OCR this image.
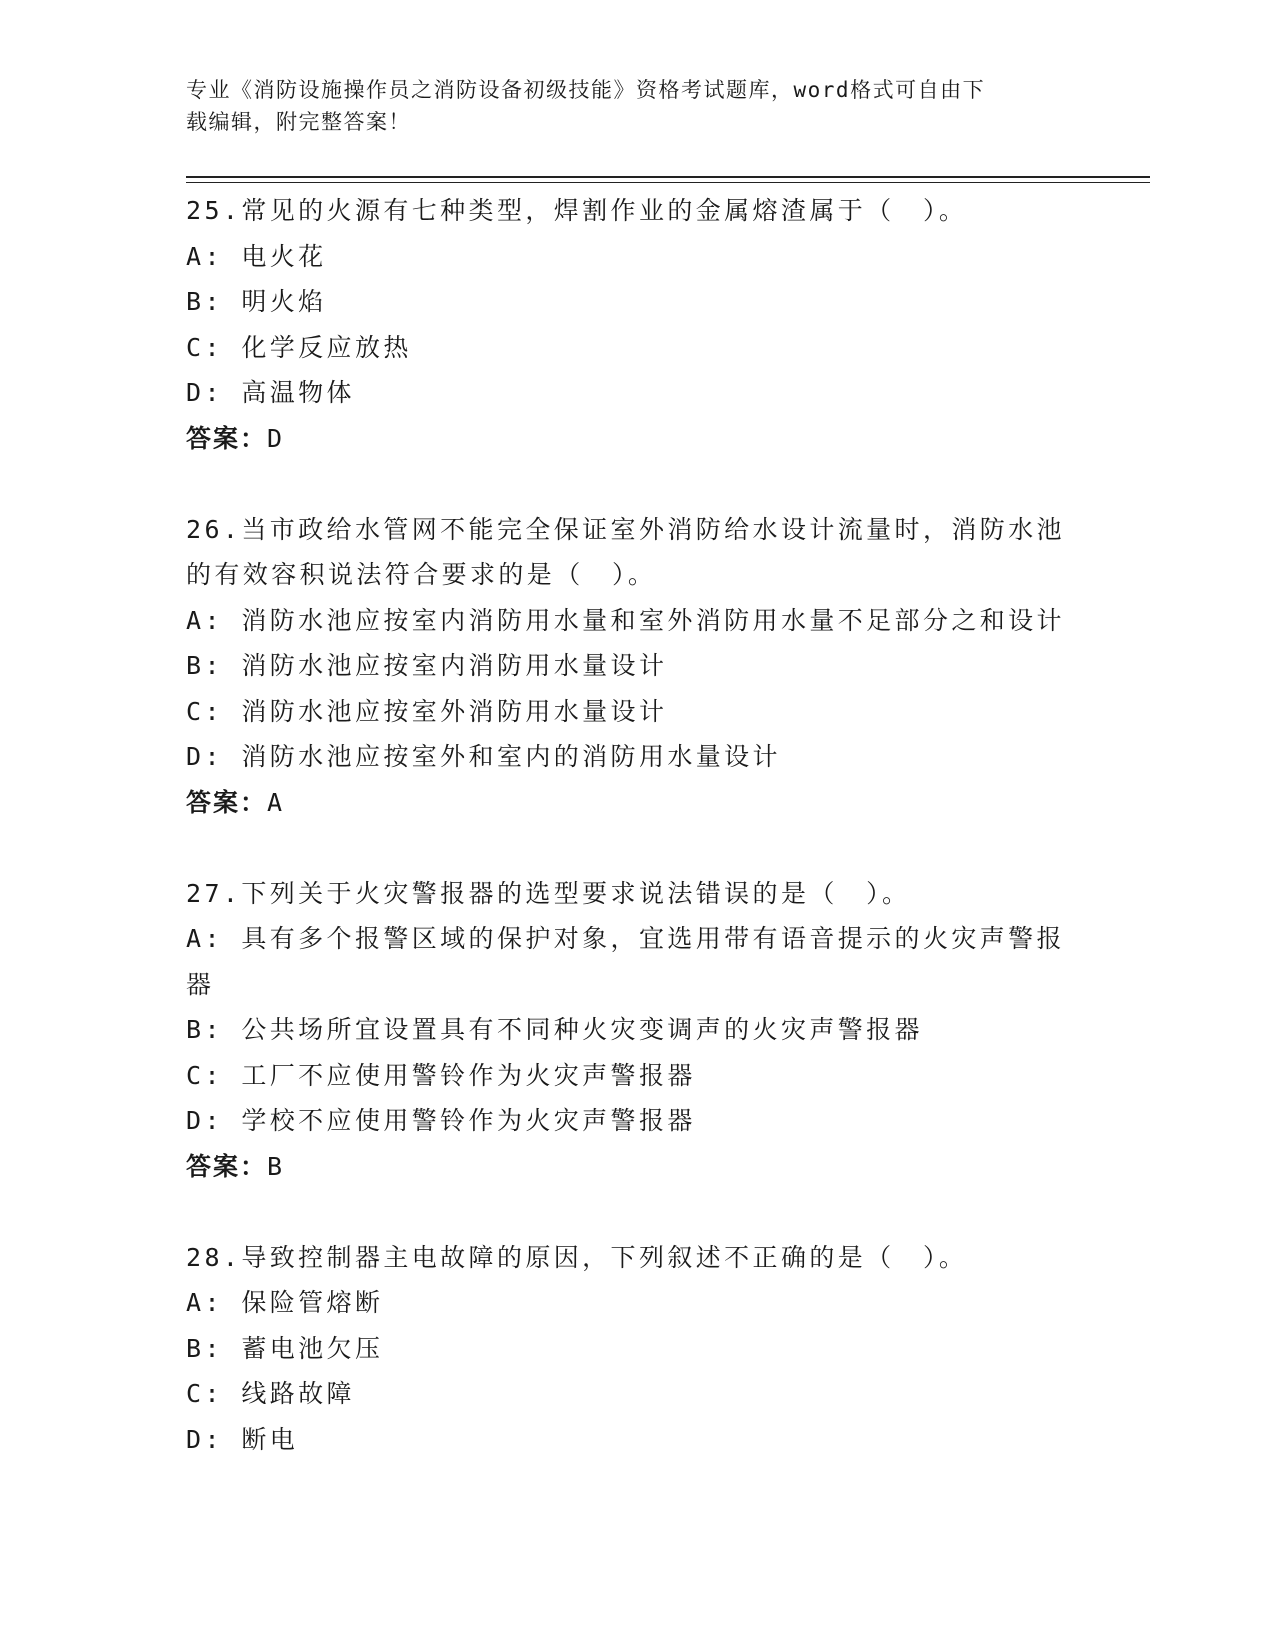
专业《消防设施操作员之消防设备初级技能》资格考试题库，word格式可自由下
载编辑，附完整答案！

25.常见的火源有七种类型，焊割作业的金属熔渣属于（　）。

A: 电火花

B: 明火焰

C: 化学反应放热

D: 高温物体

答案：D

26.当市政给水管网不能完全保证室外消防给水设计流量时，消防水池

的有效容积说法符合要求的是（　）。

A: 消防水池应按室内消防用水量和室外消防用水量不足部分之和设计

B: 消防水池应按室内消防用水量设计

C: 消防水池应按室外消防用水量设计

D: 消防水池应按室外和室内的消防用水量设计

答案：A

27.下列关于火灾警报器的选型要求说法错误的是（　）。

A: 具有多个报警区域的保护对象，宜选用带有语音提示的火灾声警报

器

B: 公共场所宜设置具有不同种火灾变调声的火灾声警报器

C: 工厂不应使用警铃作为火灾声警报器

D: 学校不应使用警铃作为火灾声警报器

答案：B

28.导致控制器主电故障的原因，下列叙述不正确的是（　）。

A: 保险管熔断

B: 蓄电池欠压

C: 线路故障

D: 断电
